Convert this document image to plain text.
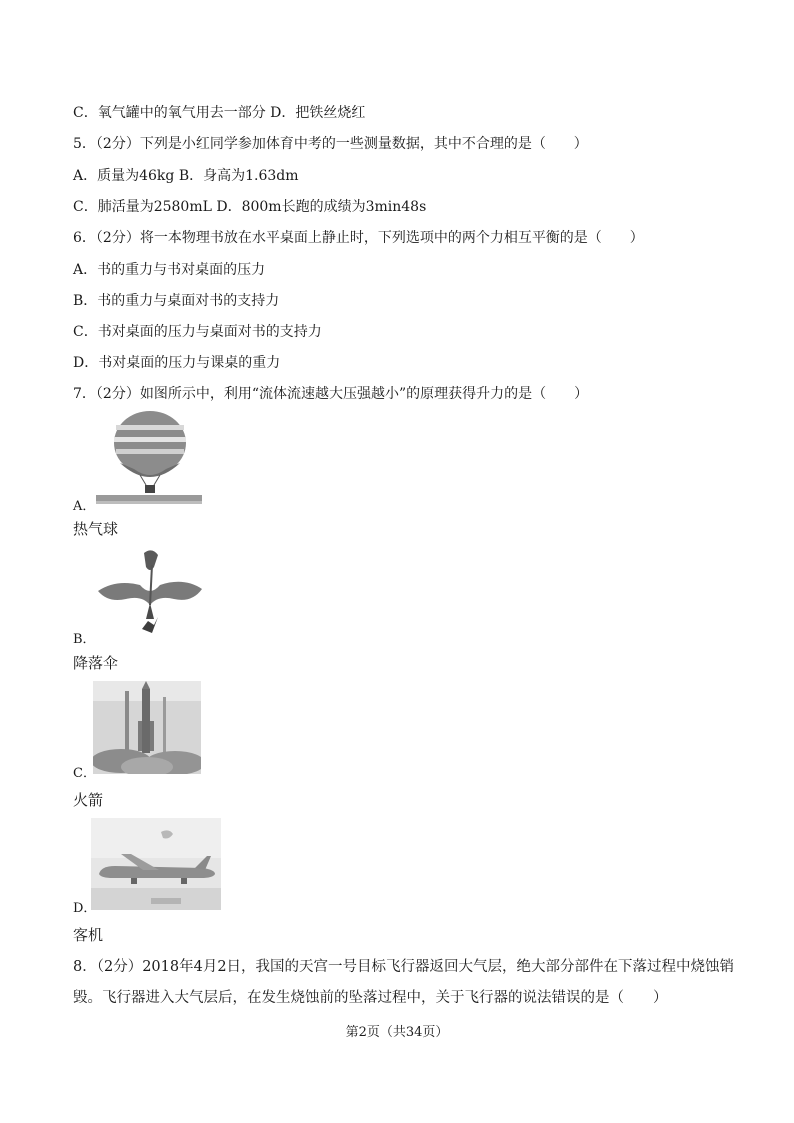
C．氧气罐中的氧气用去一部分 D．把铁丝烧红
5．（2分）下列是小红同学参加体育中考的一些测量数据，其中不合理的是（　　）
A．质量为46kg B．身高为1.63dm
C．肺活量为2580mL D．800m长跑的成绩为3min48s
6．（2分）将一本物理书放在水平桌面上静止时，下列选项中的两个力相互平衡的是（　　）
A．书的重力与书对桌面的压力
B．书的重力与桌面对书的支持力
C．书对桌面的压力与桌面对书的支持力
D．书对桌面的压力与课桌的重力
7．（2分）如图所示中，利用“流体流速越大压强越小”的原理获得升力的是（　　）
A．
热气球
B．
降落伞
C．
火箭
D．
客机
8．（2分）2018年4月2日，我国的天宫一号目标飞行器返回大气层，绝大部分部件在下落过程中烧蚀销
毁。飞行器进入大气层后，在发生烧蚀前的坠落过程中，关于飞行器的说法错误的是（　　）
第2页（共34页）
